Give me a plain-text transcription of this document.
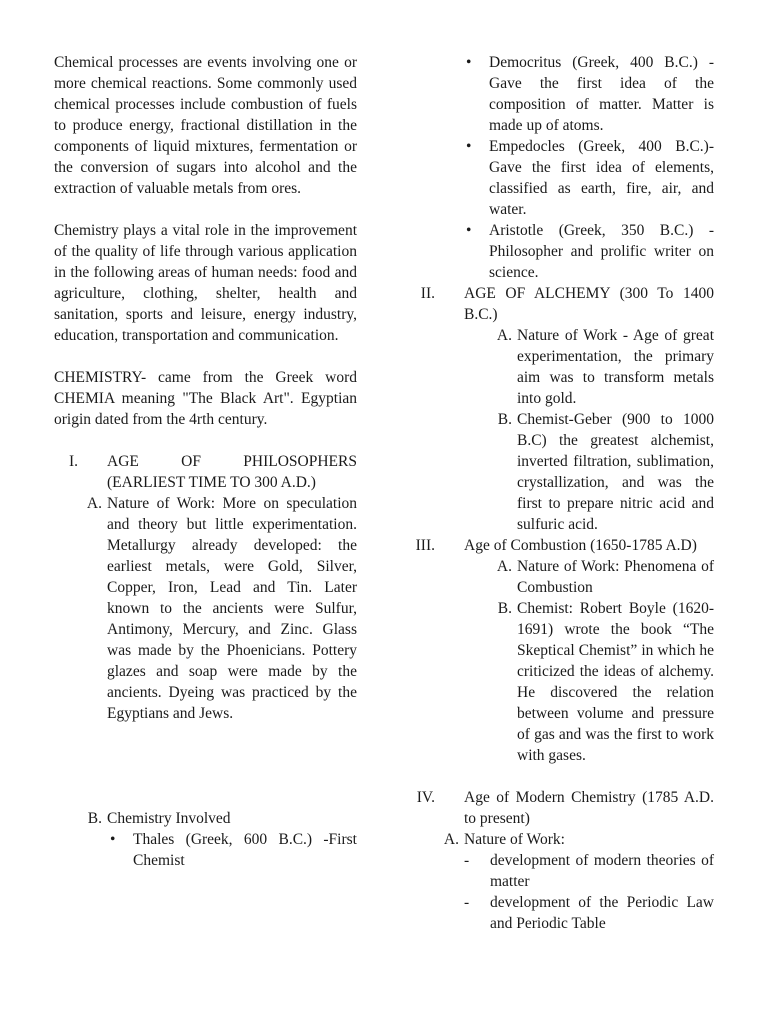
Chemical processes are events involving one or more chemical reactions. Some commonly used chemical processes include combustion of fuels to produce energy, fractional distillation in the components of liquid mixtures, fermentation or the conversion of sugars into alcohol and the extraction of valuable metals from ores.

Chemistry plays a vital role in the improvement of the quality of life through various application in the following areas of human needs: food and agriculture, clothing, shelter, health and sanitation, sports and leisure, energy industry, education, transportation and communication.

CHEMISTRY- came from the Greek word CHEMIA meaning "The Black Art". Egyptian origin dated from the 4rth century.

I.	AGE OF PHILOSOPHERS (EARLIEST TIME TO 300 A.D.)
A. Nature of Work: More on speculation and theory but little experimentation. Metallurgy already developed: the earliest metals, were Gold, Silver, Copper, Iron, Lead and Tin. Later known to the ancients were Sulfur, Antimony, Mercury, and Zinc. Glass was made by the Phoenicians. Pottery glazes and soap were made by the ancients. Dyeing was practiced by the Egyptians and Jews.
B. Chemistry Involved
•	Thales (Greek, 600 B.C.) -First Chemist
•	Democritus (Greek, 400 B.C.) - Gave the first idea of the composition of matter. Matter is made up of atoms.
•	Empedocles (Greek, 400 B.C.)- Gave the first idea of elements, classified as earth, fire, air, and water.
•	Aristotle (Greek, 350 B.C.) - Philosopher and prolific writer on science.
II.	AGE OF ALCHEMY (300 To 1400 B.C.)
A. Nature of Work - Age of great experimentation, the primary aim was to transform metals into gold.
B. Chemist-Geber (900 to 1000 B.C) the greatest alchemist, inverted filtration, sublimation, crystallization, and was the first to prepare nitric acid and sulfuric acid.
III.	Age of Combustion (1650-1785 A.D)
A. Nature of Work: Phenomena of Combustion
B. Chemist: Robert Boyle (1620-1691) wrote the book “The Skeptical Chemist” in which he criticized the ideas of alchemy. He discovered the relation between volume and pressure of gas and was the first to work with gases.
IV.	Age of Modern Chemistry (1785 A.D. to present)
A. Nature of Work:
-	development of modern theories of matter
-	development of the Periodic Law and Periodic Table
